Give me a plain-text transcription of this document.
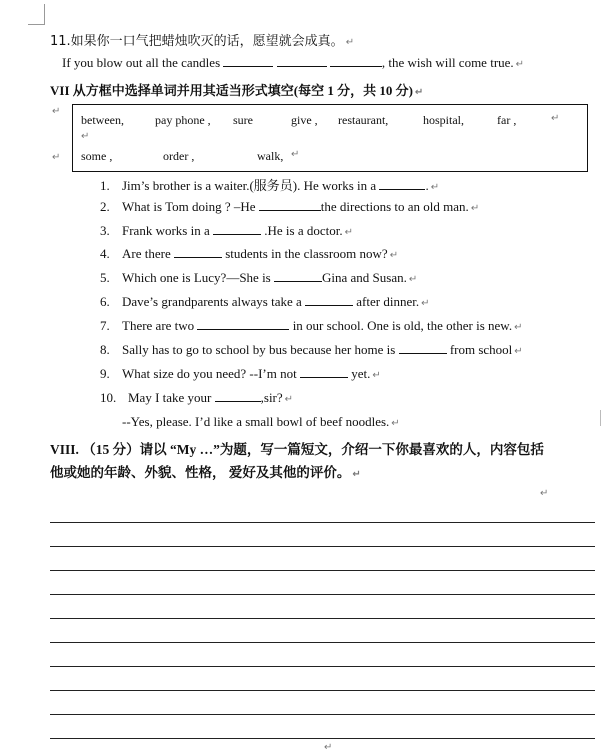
11.如果你一口气把蜡烛吹灭的话，愿望就会成真。 ↵
If you blow out all the candles	, the wish will come true. ↵
VII 从方框中选择单词并用其适当形式填空(每空 1 分，共 10 分) ↵
↵
↵
between,	pay phone , sure	give , restaurant,	hospital,	far ,	↵
↵
some ,	order ,	walk, ↵
1. Jim’s brother is a waiter.(服务员). He works in a	. ↵
2. What is Tom doing ? –He	the directions to an old man. ↵
3. Frank works in a	.He is a doctor. ↵
4. Are there	students in the classroom now? ↵
5. Which one is Lucy?—She is	Gina and Susan. ↵
6. Dave’s grandparents always take a	after dinner. ↵
7. There are two	in our school. One is old, the other is new. ↵
8. Sally has to go to school by bus because her home is	from school ↵
9. What size do you need? --I’m not	yet. ↵
10. May I take your	,sir? ↵
--Yes, please. I’d like a small bowl of beef noodles. ↵
VIII. （15 分）请以 “My …”为题，写一篇短文，介绍一下你最喜欢的人，内容包括
他或她的年龄、外貌、性格， 爱好及其他的评价。 ↵
↵
↵
